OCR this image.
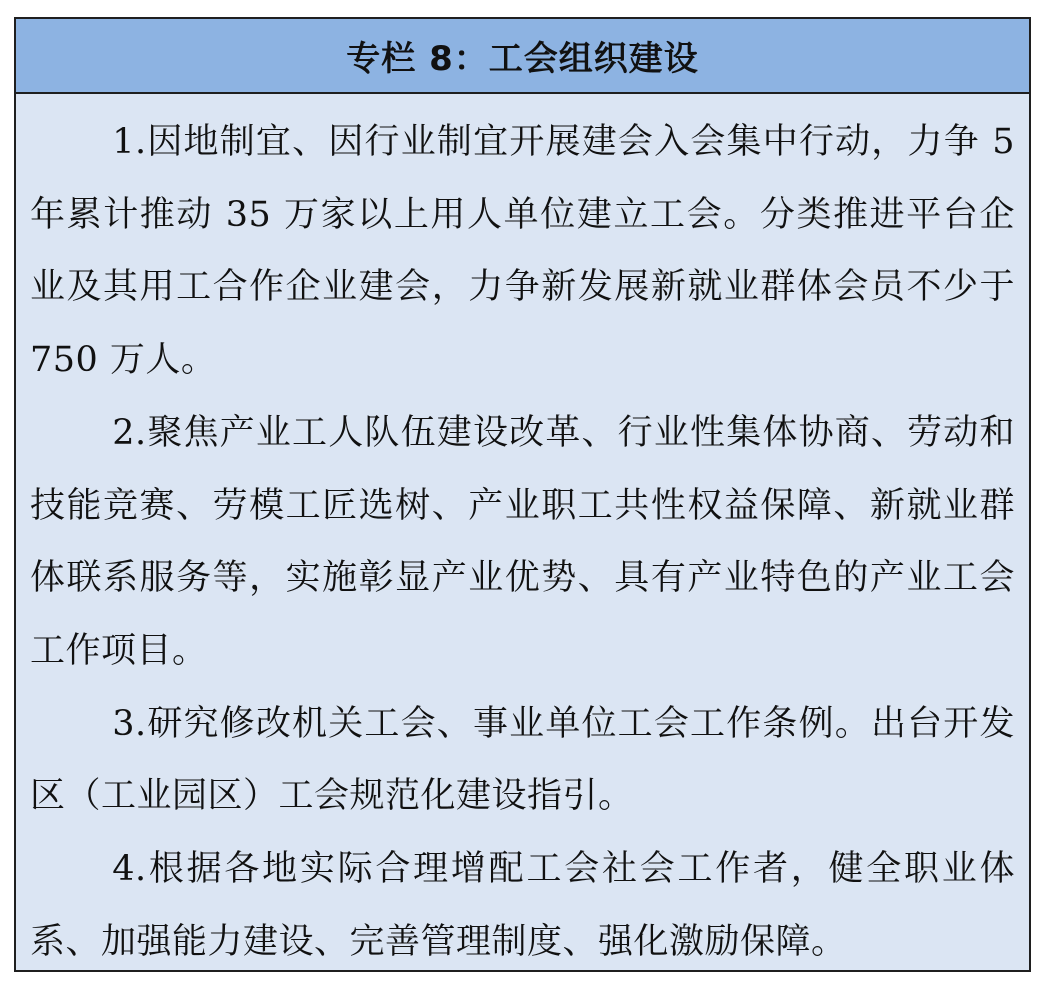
专栏 8：工会组织建设

1.因地制宜、因行业制宜开展建会入会集中行动，力争 5 年累计推动 35 万家以上用人单位建立工会。分类推进平台企业及其用工合作企业建会，力争新发展新就业群体会员不少于 750 万人。

2.聚焦产业工人队伍建设改革、行业性集体协商、劳动和技能竞赛、劳模工匠选树、产业职工共性权益保障、新就业群体联系服务等，实施彰显产业优势、具有产业特色的产业工会工作项目。

3.研究修改机关工会、事业单位工会工作条例。出台开发区（工业园区）工会规范化建设指引。

4.根据各地实际合理增配工会社会工作者，健全职业体系、加强能力建设、完善管理制度、强化激励保障。
